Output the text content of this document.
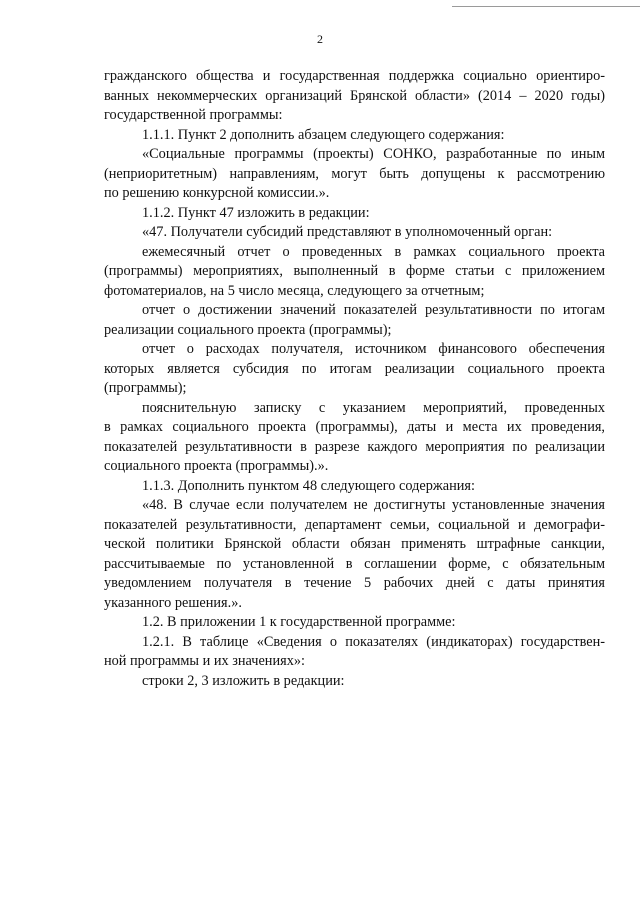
2

гражданского общества и государственная поддержка социально ориентиро-

ванных некоммерческих организаций Брянской области» (2014 – 2020 годы)

государственной программы:

1.1.1. Пункт 2 дополнить абзацем следующего содержания:

«Социальные программы (проекты) СОНКО, разработанные по иным

(неприоритетным) направлениям, могут быть допущены к рассмотрению

по решению конкурсной комиссии.».

1.1.2. Пункт 47 изложить в редакции:

«47. Получатели субсидий представляют в уполномоченный орган:

ежемесячный отчет о проведенных в рамках социального проекта

(программы) мероприятиях, выполненный в форме статьи с приложением

фотоматериалов, на 5 число месяца, следующего за отчетным;

отчет о достижении значений показателей результативности по итогам

реализации социального проекта (программы);

отчет о расходах получателя, источником финансового обеспечения

которых является субсидия по итогам реализации социального проекта

(программы);

пояснительную записку с указанием мероприятий, проведенных

в рамках социального проекта (программы), даты и места их проведения,

показателей результативности в разрезе каждого мероприятия по реализации

социального проекта (программы).».

1.1.3. Дополнить пунктом 48 следующего содержания:

«48. В случае если получателем не достигнуты установленные значения

показателей результативности, департамент семьи, социальной и демографи-

ческой политики Брянской области обязан применять штрафные санкции,

рассчитываемые по установленной в соглашении форме, с обязательным

уведомлением получателя в течение 5 рабочих дней с даты принятия

указанного решения.».

1.2. В приложении 1 к государственной программе:

1.2.1. В таблице «Сведения о показателях (индикаторах) государствен-

ной программы и их значениях»:

строки 2, 3 изложить в редакции:
